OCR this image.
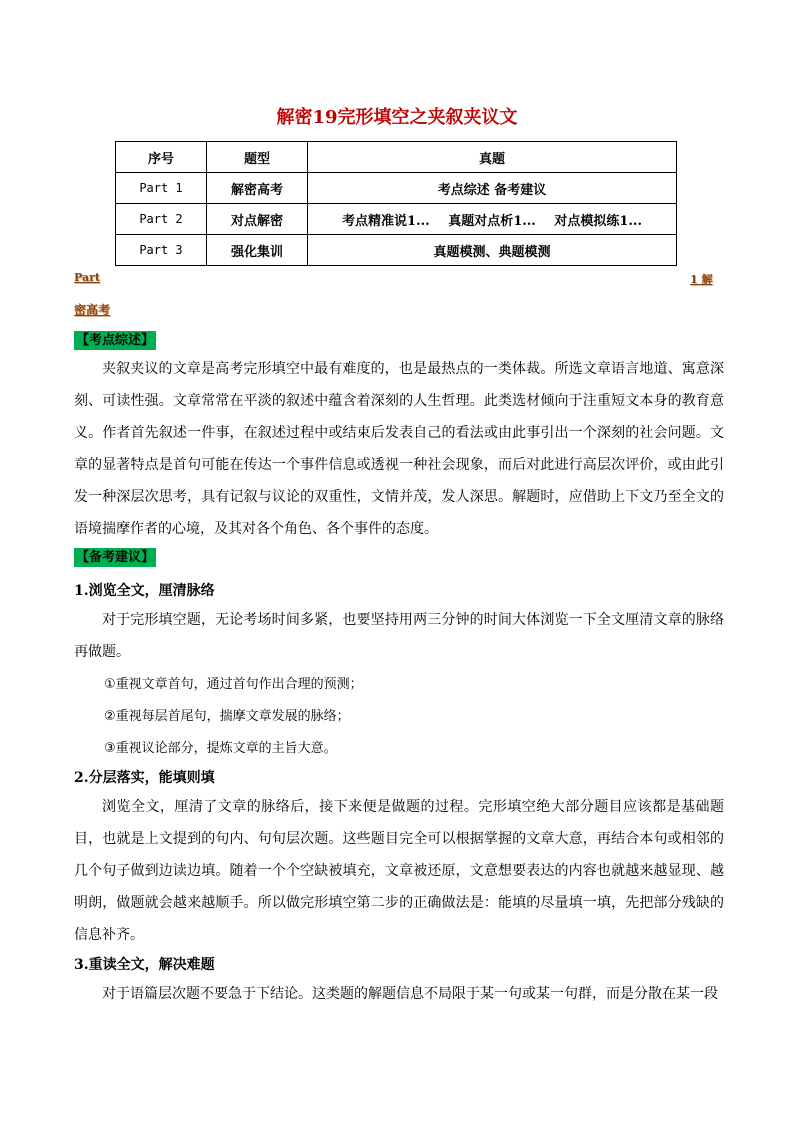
解密19完形填空之夹叙夹议文
序号	题型	真题
Part 1	解密高考	考点综述 备考建议
Part 2	对点解密	考点精准说1... 真题对点析1... 对点模拟练1...
Part 3	强化集训	真题模测、典题模测
Part	1 解
密高考
【考点综述】
夹叙夹议的文章是高考完形填空中最有难度的，也是最热点的一类体裁。所选文章语言地道、寓意深刻、可读性强。文章常常在平淡的叙述中蕴含着深刻的人生哲理。此类选材倾向于注重短文本身的教育意义。作者首先叙述一件事，在叙述过程中或结束后发表自己的看法或由此事引出一个深刻的社会问题。文章的显著特点是首句可能在传达一个事件信息或透视一种社会现象，而后对此进行高层次评价，或由此引发一种深层次思考，具有记叙与议论的双重性，文情并茂，发人深思。解题时，应借助上下文乃至全文的语境揣摩作者的心境，及其对各个角色、各个事件的态度。
【备考建议】
1.浏览全文，厘清脉络
对于完形填空题，无论考场时间多紧，也要坚持用两三分钟的时间大体浏览一下全文厘清文章的脉络再做题。
①重视文章首句，通过首句作出合理的预测；
②重视每层首尾句，揣摩文章发展的脉络；
③重视议论部分，提炼文章的主旨大意。
2.分层落实，能填则填
浏览全文，厘清了文章的脉络后，接下来便是做题的过程。完形填空绝大部分题目应该都是基础题目，也就是上文提到的句内、句旬层次题。这些题目完全可以根据掌握的文章大意，再结合本句或相邻的几个句子做到边读边填。随着一个个空缺被填充，文章被还原，文意想要表达的内容也就越来越显现、越明朗，做题就会越来越顺手。所以做完形填空第二步的正确做法是：能填的尽量填一填，先把部分残缺的信息补齐。
3.重读全文，解决难题
对于语篇层次题不要急于下结论。这类题的解题信息不局限于某一句或某一句群，而是分散在某一段
